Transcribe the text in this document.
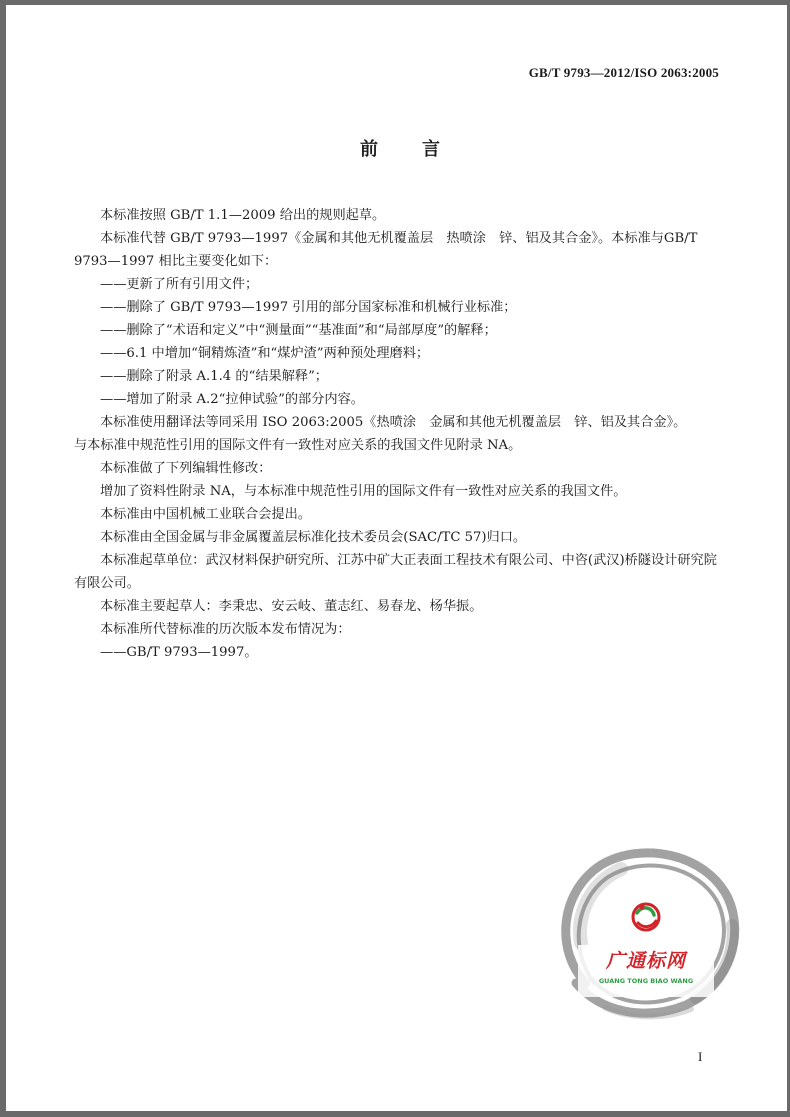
GB/T 9793—2012/ISO 2063:2005
前 言

本标准按照 GB/T 1.1—2009 给出的规则起草。

本标准代替 GB/T 9793—1997《金属和其他无机覆盖层　热喷涂　锌、铝及其合金》。本标准与GB/T 9793—1997 相比主要变化如下：

——更新了所有引用文件；

——删除了 GB/T 9793—1997 引用的部分国家标准和机械行业标准；

——删除了“术语和定义”中“测量面”“基准面”和“局部厚度”的解释；

——6.1 中增加“铜精炼渣”和“煤炉渣”两种预处理磨料；

——删除了附录 A.1.4 的“结果解释”；

——增加了附录 A.2“拉伸试验”的部分内容。

本标准使用翻译法等同采用 ISO 2063:2005《热喷涂　金属和其他无机覆盖层　锌、铝及其合金》。

与本标准中规范性引用的国际文件有一致性对应关系的我国文件见附录 NA。

本标准做了下列编辑性修改：

增加了资料性附录 NA，与本标准中规范性引用的国际文件有一致性对应关系的我国文件。

本标准由中国机械工业联合会提出。

本标准由全国金属与非金属覆盖层标准化技术委员会(SAC/TC 57)归口。

本标准起草单位：武汉材料保护研究所、江苏中矿大正表面工程技术有限公司、中咨(武汉)桥隧设计研究院有限公司。

本标准主要起草人：李秉忠、安云岐、董志红、易春龙、杨华振。

本标准所代替标准的历次版本发布情况为：

——GB/T 9793—1997。

广通标网
GUANG TONG BIAO WANG
I
